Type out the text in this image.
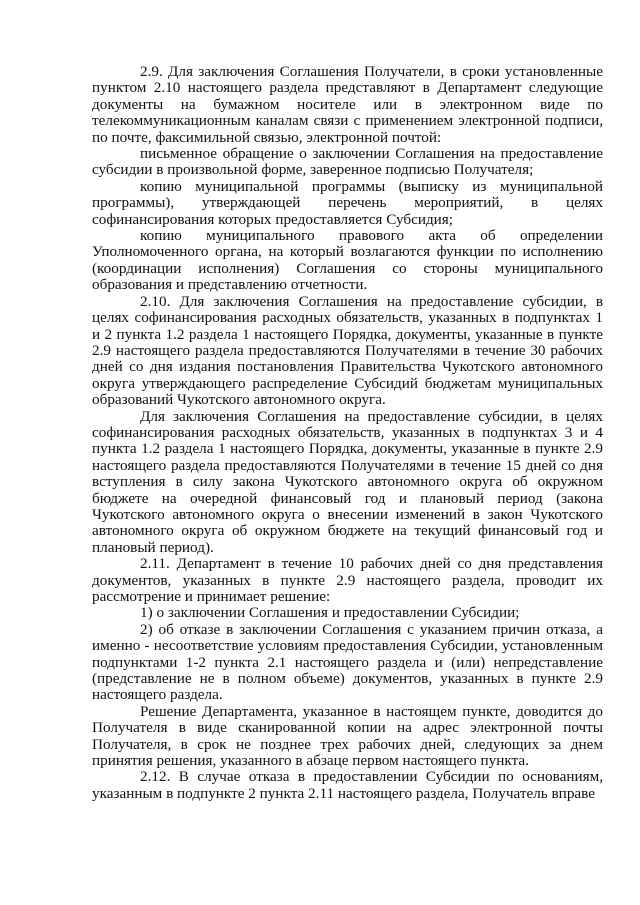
2.9. Для заключения Соглашения Получатели, в сроки установленные пунктом 2.10 настоящего раздела представляют в Департамент следующие документы на бумажном носителе или в электронном виде по телекоммуникационным каналам связи с применением электронной подписи, по почте, факсимильной связью, электронной почтой:

письменное обращение о заключении Соглашения на предоставление субсидии в произвольной форме, заверенное подписью Получателя;

копию муниципальной программы (выписку из муниципальной программы), утверждающей перечень мероприятий, в целях софинансирования которых предоставляется Субсидия;

копию муниципального правового акта об определении Уполномоченного органа, на который возлагаются функции по исполнению (координации исполнения) Соглашения со стороны муниципального образования и представлению отчетности.

2.10. Для заключения Соглашения на предоставление субсидии, в целях софинансирования расходных обязательств, указанных в подпунктах 1 и 2 пункта 1.2 раздела 1 настоящего Порядка, документы, указанные в пункте 2.9 настоящего раздела предоставляются Получателями в течение 30 рабочих дней со дня издания постановления Правительства Чукотского автономного округа утверждающего распределение Субсидий бюджетам муниципальных образований Чукотского автономного округа.

Для заключения Соглашения на предоставление субсидии, в целях софинансирования расходных обязательств, указанных в подпунктах 3 и 4 пункта 1.2 раздела 1 настоящего Порядка, документы, указанные в пункте 2.9 настоящего раздела предоставляются Получателями в течение 15 дней со дня вступления в силу закона Чукотского автономного округа об окружном бюджете на очередной финансовый год и плановый период (закона Чукотского автономного округа о внесении изменений в закон Чукотского автономного округа об окружном бюджете на текущий финансовый год и плановый период).

2.11. Департамент в течение 10 рабочих дней со дня представления документов, указанных в пункте 2.9 настоящего раздела, проводит их рассмотрение и принимает решение:

1) о заключении Соглашения и предоставлении Субсидии;

2) об отказе в заключении Соглашения с указанием причин отказа, а именно - несоответствие условиям предоставления Субсидии, установленным подпунктами 1-2 пункта 2.1 настоящего раздела и (или) непредставление (представление не в полном объеме) документов, указанных в пункте 2.9 настоящего раздела.

Решение Департамента, указанное в настоящем пункте, доводится до Получателя в виде сканированной копии на адрес электронной почты Получателя, в срок не позднее трех рабочих дней, следующих за днем принятия решения, указанного в абзаце первом настоящего пункта.

2.12. В случае отказа в предоставлении Субсидии по основаниям, указанным в подпункте 2 пункта 2.11 настоящего раздела, Получатель вправе
